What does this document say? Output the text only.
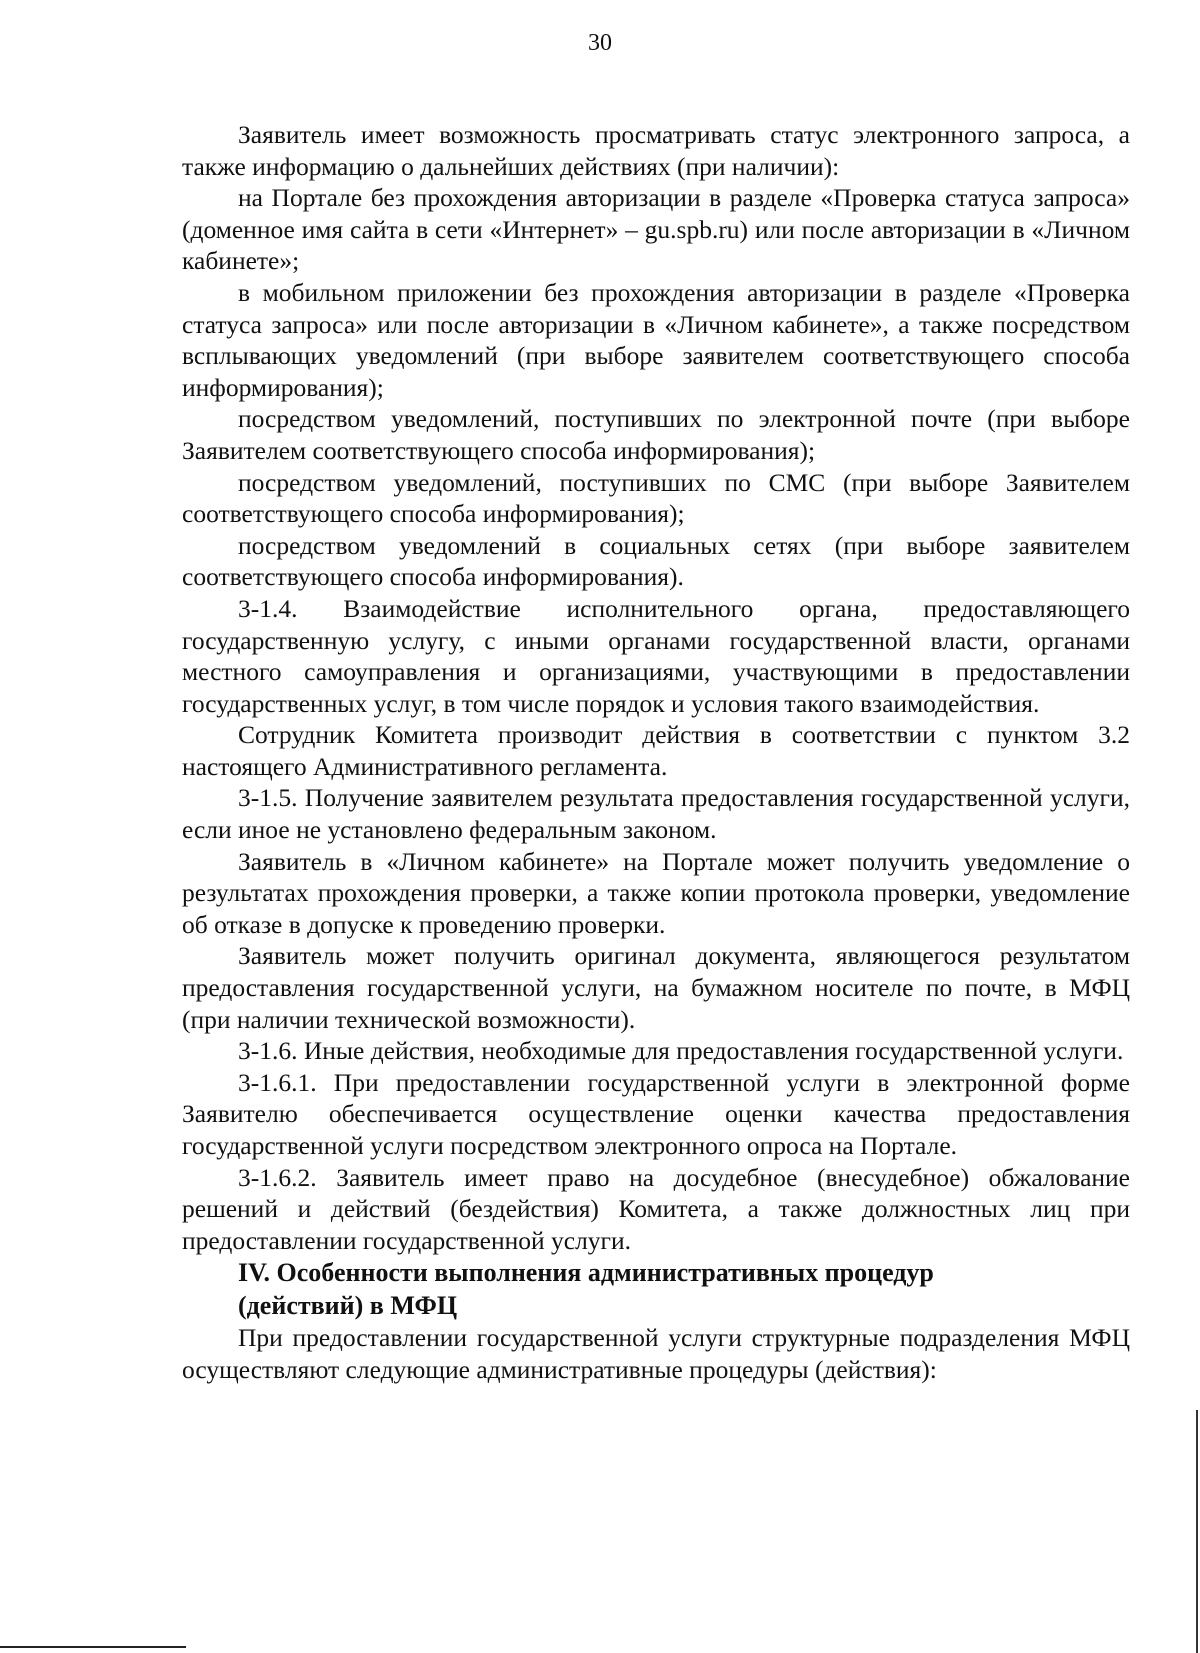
30

Заявитель имеет возможность просматривать статус электронного запроса, а также информацию о дальнейших действиях (при наличии):

на Портале без прохождения авторизации в разделе «Проверка статуса запроса» (доменное имя сайта в сети «Интернет» – gu.spb.ru) или после авторизации в «Личном кабинете»;

в мобильном приложении без прохождения авторизации в разделе «Проверка статуса запроса» или после авторизации в «Личном кабинете», а также посредством всплывающих уведомлений (при выборе заявителем соответствующего способа информирования);

посредством уведомлений, поступивших по электронной почте (при выборе Заявителем соответствующего способа информирования);

посредством уведомлений, поступивших по СМС (при выборе Заявителем соответствующего способа информирования);

посредством уведомлений в социальных сетях (при выборе заявителем соответствующего способа информирования).

3-1.4. Взаимодействие исполнительного органа, предоставляющего государственную услугу, с иными органами государственной власти, органами местного самоуправления и организациями, участвующими в предоставлении государственных услуг, в том числе порядок и условия такого взаимодействия.

Сотрудник Комитета производит действия в соответствии с пунктом 3.2 настоящего Административного регламента.

3-1.5. Получение заявителем результата предоставления государственной услуги, если иное не установлено федеральным законом.

Заявитель в «Личном кабинете» на Портале может получить уведомление о результатах прохождения проверки, а также копии протокола проверки, уведомление об отказе в допуске к проведению проверки.

Заявитель может получить оригинал документа, являющегося результатом предоставления государственной услуги, на бумажном носителе по почте, в МФЦ (при наличии технической возможности).

3-1.6. Иные действия, необходимые для предоставления государственной услуги.

3-1.6.1. При предоставлении государственной услуги в электронной форме Заявителю обеспечивается осуществление оценки качества предоставления государственной услуги посредством электронного опроса на Портале.

3-1.6.2. Заявитель имеет право на досудебное (внесудебное) обжалование решений и действий (бездействия) Комитета, а также должностных лиц при предоставлении государственной услуги.

IV. Особенности выполнения административных процедур
(действий) в МФЦ

При предоставлении государственной услуги структурные подразделения МФЦ осуществляют следующие административные процедуры (действия):
